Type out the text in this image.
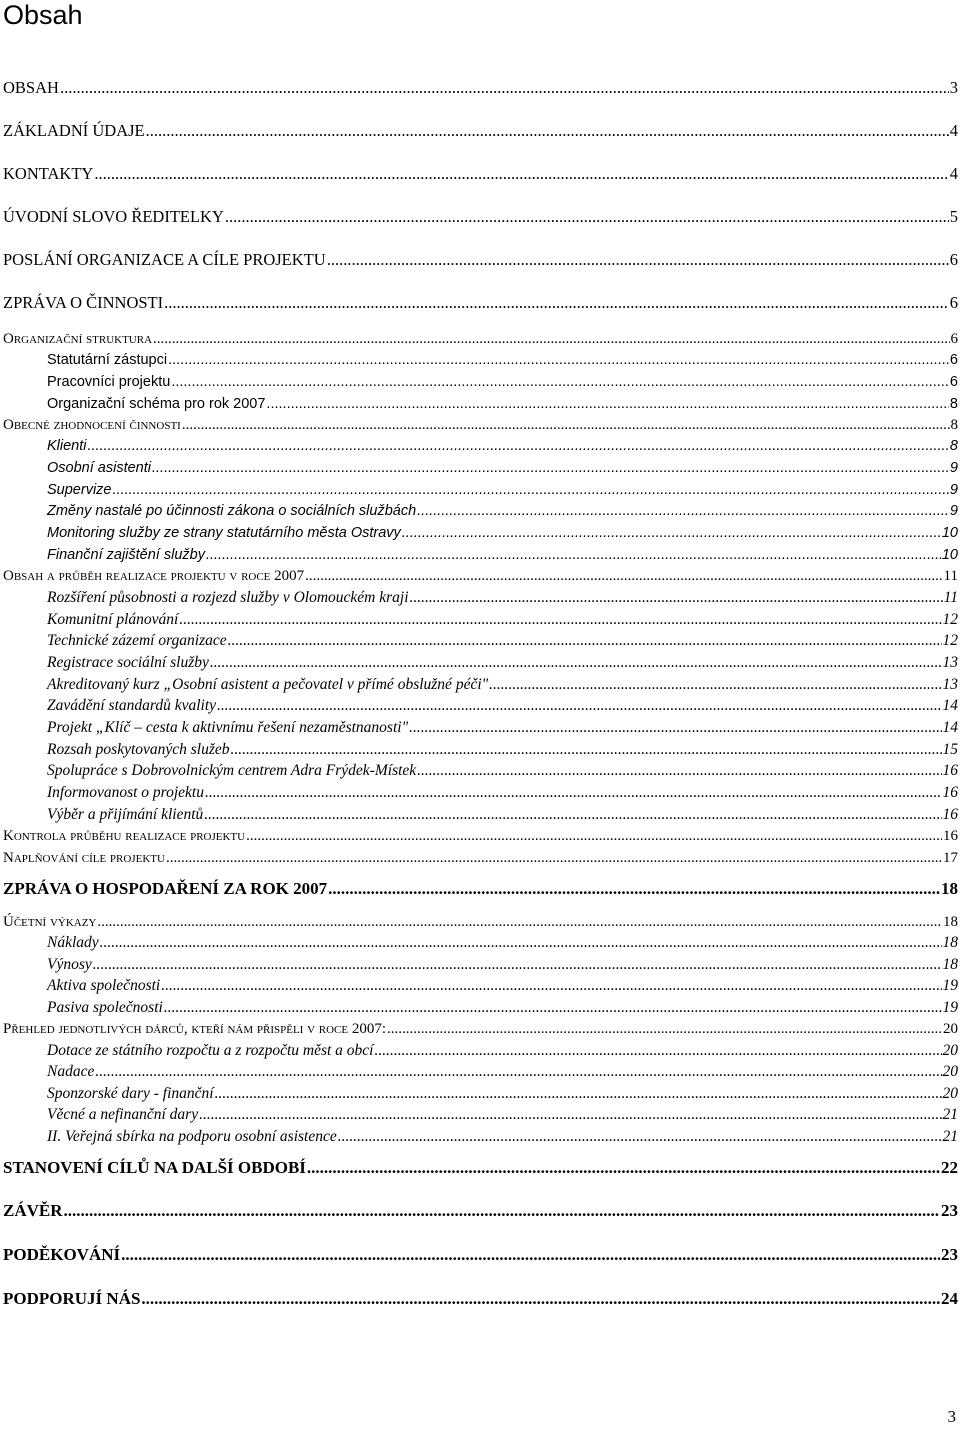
Obsah
OBSAH .....	3
ZÁKLADNÍ ÚDAJE .....	4
KONTAKTY .....	4
ÚVODNÍ SLOVO ŘEDITELKY .....	5
POSLÁNÍ ORGANIZACE A CÍLE PROJEKTU .....	6
ZPRÁVA O ČINNOSTI .....	6
Organizační struktura .....	6
Statutární zástupci .....	6
Pracovníci projektu .....	6
Organizační schéma pro rok 2007 .....	8
Obecné zhodnocení činnosti .....	8
Klienti .....	8
Osobní asistenti .....	9
Supervize .....	9
Změny nastalé po účinnosti zákona o sociálních službách .....	9
Monitoring služby ze strany statutárního města Ostravy .....	10
Finanční zajištění služby .....	10
Obsah a průběh realizace projektu v roce 2007 .....	11
Rozšíření působnosti a rozjezd služby v Olomouckém kraji .....	11
Komunitní plánování .....	12
Technické zázemí organizace .....	12
Registrace sociální služby .....	13
Akreditovaný kurz „Osobní asistent a pečovatel v přímé obslužné péči" .....	13
Zavádění standardů kvality .....	14
Projekt „Klíč – cesta k aktivnímu řešení nezaměstnanosti" .....	14
Rozsah poskytovaných služeb .....	15
Spolupráce s Dobrovolnickým centrem Adra Frýdek-Místek .....	16
Informovanost o projektu .....	16
Výběr a přijímání klientů .....	16
Kontrola průběhu realizace projektu .....	16
Naplňování cíle projektu .....	17
ZPRÁVA O HOSPODAŘENÍ ZA ROK 2007 .....	18
Účetní výkazy .....	18
Náklady .....	18
Výnosy .....	18
Aktiva společnosti .....	19
Pasiva společnosti .....	19
Přehled jednotlivých dárců, kteří nám přispěli v roce 2007: .....	20
Dotace ze státního rozpočtu a z rozpočtu měst a obcí .....	20
Nadace .....	20
Sponzorské dary - finanční .....	20
Věcné a nefinanční dary .....	21
II. Veřejná sbírka na podporu osobní asistence .....	21
STANOVENÍ CÍLŮ NA DALŠÍ OBDOBÍ .....	22
ZÁVĚR .....	23
PODĚKOVÁNÍ .....	23
PODPORUJÍ NÁS .....	24
3
